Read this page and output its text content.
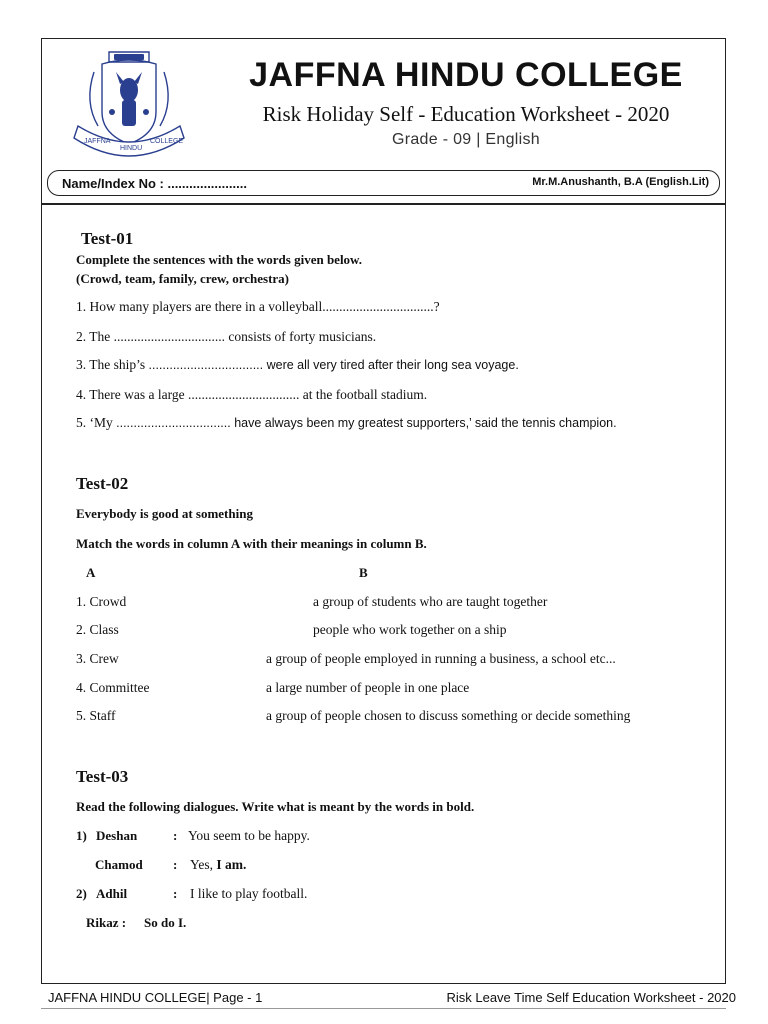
JAFFNA
HINDU
COLLEGE
JAFFNA HINDU COLLEGE
Risk Holiday Self - Education Worksheet - 2020
Grade - 09 | English
Name/Index No : ......................	Mr.M.Anushanth, B.A (English.Lit)
Test-01
Complete the sentences with the words given below.
(Crowd, team, family, crew, orchestra)
1. How many players are there in a volleyball.................................?
2. The ................................. consists of forty musicians.
3. The ship’s ................................. were all very tired after their long sea voyage.
4. There was a large ................................. at the football stadium.
5. ‘My ................................. have always been my greatest supporters,’ said the tennis champion.
Test-02
Everybody is good at something
Match the words in column A with their meanings in column B.
A	B
1. Crowd	a group of students who are taught together
2. Class	people who work together on a ship
3. Crew	a group of people employed in running a business, a school etc...
4. Committee	a large number of people in one place
5. Staff	a group of people chosen to discuss something or decide something
Test-03
Read the following dialogues. Write what is meant by the words in bold.
1) Deshan	: You seem to be happy.
Chamod : Yes, I am.
2) Adhil	: I like to play football.
Rikaz : So do I.
JAFFNA HINDU COLLEGE| Page - 1	Risk Leave Time Self Education Worksheet - 2020
